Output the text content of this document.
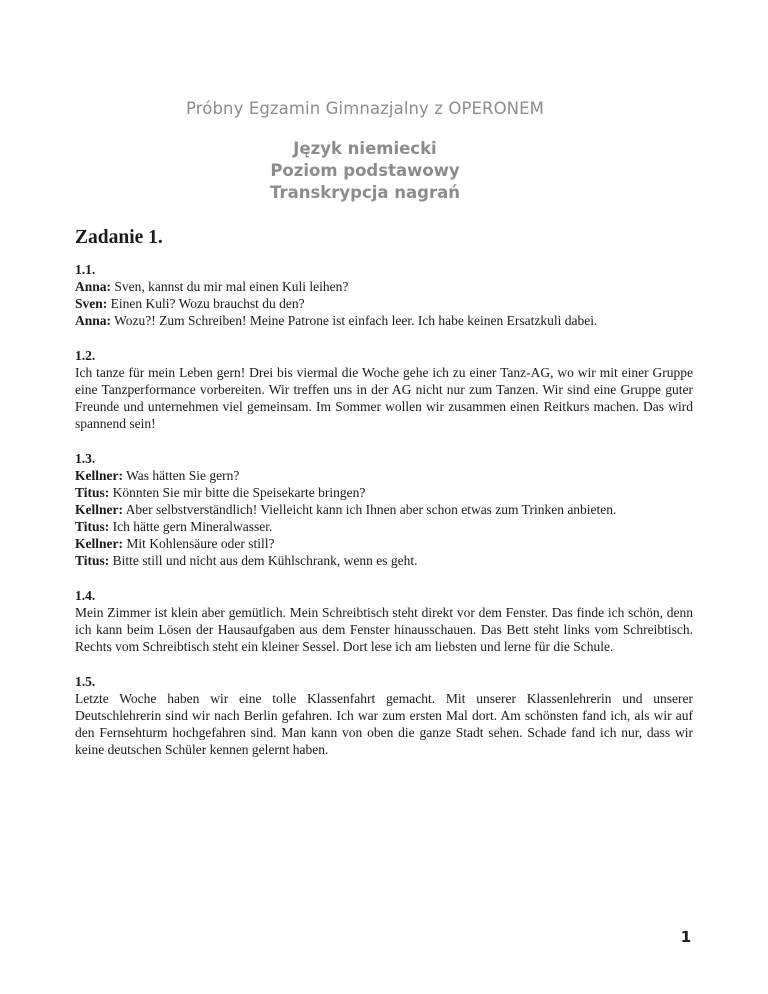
Próbny Egzamin Gimnazjalny z OPERONEM
Język niemiecki
Poziom podstawowy
Transkrypcja nagrań
Zadanie 1.
1.1.

Anna: Sven, kannst du mir mal einen Kuli leihen?

Sven: Einen Kuli? Wozu brauchst du den?

Anna: Wozu?! Zum Schreiben! Meine Patrone ist einfach leer. Ich habe keinen Ersatzkuli dabei.

1.2.

Ich tanze für mein Leben gern! Drei bis viermal die Woche gehe ich zu einer Tanz-AG, wo wir mit einer Gruppe eine Tanzperformance vorbereiten. Wir treffen uns in der AG nicht nur zum Tanzen. Wir sind eine Gruppe guter Freunde und unternehmen viel gemeinsam. Im Sommer wollen wir zusammen einen Reitkurs machen. Das wird spannend sein!

1.3.

Kellner: Was hätten Sie gern?

Titus: Könnten Sie mir bitte die Speisekarte bringen?

Kellner: Aber selbstverständlich! Vielleicht kann ich Ihnen aber schon etwas zum Trinken anbieten.

Titus: Ich hätte gern Mineralwasser.

Kellner: Mit Kohlensäure oder still?

Titus: Bitte still und nicht aus dem Kühlschrank, wenn es geht.

1.4.

Mein Zimmer ist klein aber gemütlich. Mein Schreibtisch steht direkt vor dem Fenster. Das finde ich schön, denn ich kann beim Lösen der Hausaufgaben aus dem Fenster hinausschauen. Das Bett steht links vom Schreibtisch. Rechts vom Schreibtisch steht ein kleiner Sessel. Dort lese ich am liebsten und lerne für die Schule.

1.5.

Letzte Woche haben wir eine tolle Klassenfahrt gemacht. Mit unserer Klassenlehrerin und unserer Deutschlehrerin sind wir nach Berlin gefahren. Ich war zum ersten Mal dort. Am schönsten fand ich, als wir auf den Fernsehturm hochgefahren sind. Man kann von oben die ganze Stadt sehen. Schade fand ich nur, dass wir keine deutschen Schüler kennen gelernt haben.

1
